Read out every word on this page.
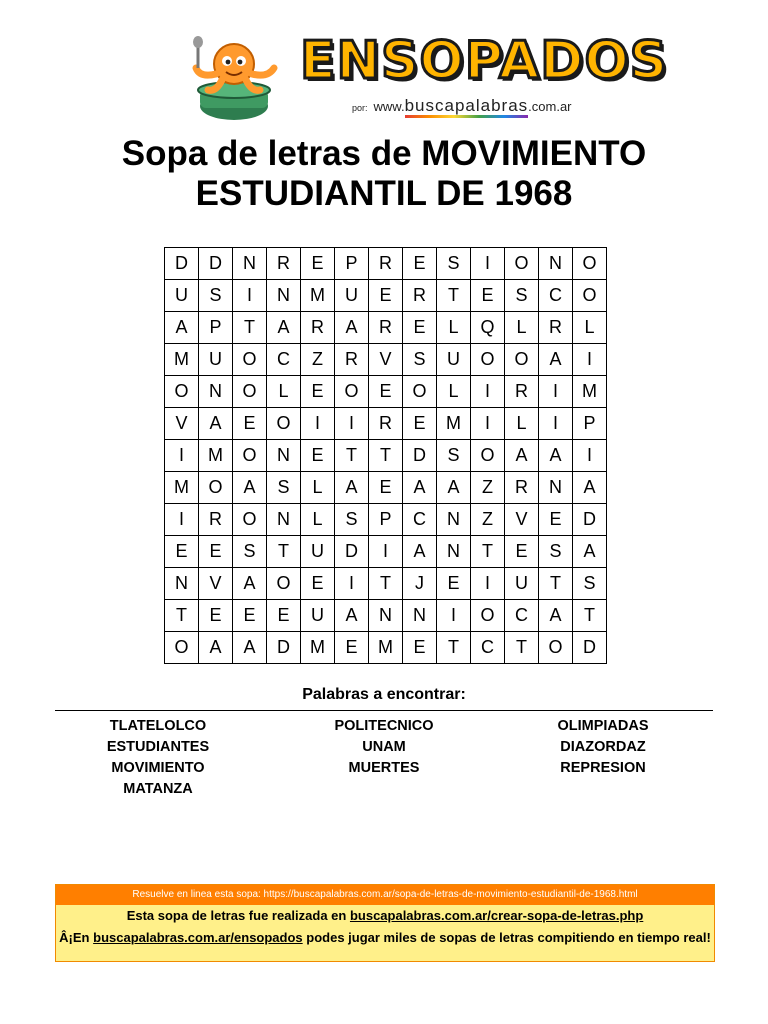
ENSOPADOS
por: www.buscapalabras.com.ar
Sopa de letras de MOVIMIENTO
ESTUDIANTIL DE 1968
D	D	N	R	E	P	R	E	S	I	O	N	O
U	S	I	N	M	U	E	R	T	E	S	C	O
A	P	T	A	R	A	R	E	L	Q	L	R	L
M	U	O	C	Z	R	V	S	U	O	O	A	I
O	N	O	L	E	O	E	O	L	I	R	I	M
V	A	E	O	I	I	R	E	M	I	L	I	P
I	M	O	N	E	T	T	D	S	O	A	A	I
M	O	A	S	L	A	E	A	A	Z	R	N	A
I	R	O	N	L	S	P	C	N	Z	V	E	D
E	E	S	T	U	D	I	A	N	T	E	S	A
N	V	A	O	E	I	T	J	E	I	U	T	S
T	E	E	E	U	A	N	N	I	O	C	A	T
O	A	A	D	M	E	M	E	T	C	T	O	D
Palabras a encontrar:
TLATELOLCO
ESTUDIANTES
MOVIMIENTO
MATANZA
POLITECNICO
UNAM
MUERTES
OLIMPIADAS
DIAZORDAZ
REPRESION
Resuelve en linea esta sopa: https://buscapalabras.com.ar/sopa-de-letras-de-movimiento-estudiantil-de-1968.html
Esta sopa de letras fue realizada en buscapalabras.com.ar/crear-sopa-de-letras.php
Â¡En buscapalabras.com.ar/ensopados podes jugar miles de sopas de letras compitiendo en tiempo real!
